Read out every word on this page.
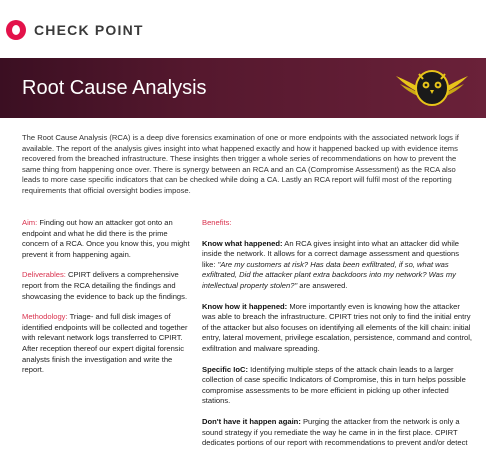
CHECK POINT
Root Cause Analysis

The Root Cause Analysis (RCA) is a deep dive forensics examination of one or more endpoints with the associated network logs if available. The report of the analysis gives insight into what happened exactly and how it happened backed up with evidence items recovered from the breached infrastructure. These insights then trigger a whole series of recommendations on how to prevent the same thing from happening once over. There is synergy between an RCA and an CA (Compromise Assessment) as the RCA also leads to more case specific indicators that can be checked while doing a CA. Lastly an RCA report will fulfil most of the reporting requirements that official oversight bodies impose.

Aim: Finding out how an attacker got onto an endpoint and what he did there is the prime concern of a RCA. Once you know this, you might prevent it from happening again.

Deliverables: CPIRT delivers a comprehensive report from the RCA detailing the findings and showcasing the evidence to back up the findings.

Methodology: Triage- and full disk images of identified endpoints will be collected and together with relevant network logs transferred to CPIRT. After reception thereof our expert digital forensic analysts finish the investigation and write the report.

Benefits:

Know what happened: An RCA gives insight into what an attacker did while inside the network. It allows for a correct damage assessment and questions like: "Are my customers at risk? Has data been exfiltrated, if so, what was exfiltrated, Did the attacker plant extra backdoors into my network? Was my intellectual property stolen?" are answered.

Know how it happened: More importantly even is knowing how the attacker was able to breach the infrastructure. CPIRT tries not only to find the initial entry of the attacker but also focuses on identifying all elements of the kill chain: initial entry, lateral movement, privilege escalation, persistence, command and control, exfiltration and malware spreading.

Specific IoC: Identifying multiple steps of the attack chain leads to a larger collection of case specific Indicators of Compromise, this in turn helps possible compromise assessments to be more efficient in picking up other infected stations.

Don't have it happen again: Purging the attacker from the network is only a sound strategy if you remediate the way he came in in the first place. CPIRT dedicates portions of our report with recommendations to prevent and/or detect
